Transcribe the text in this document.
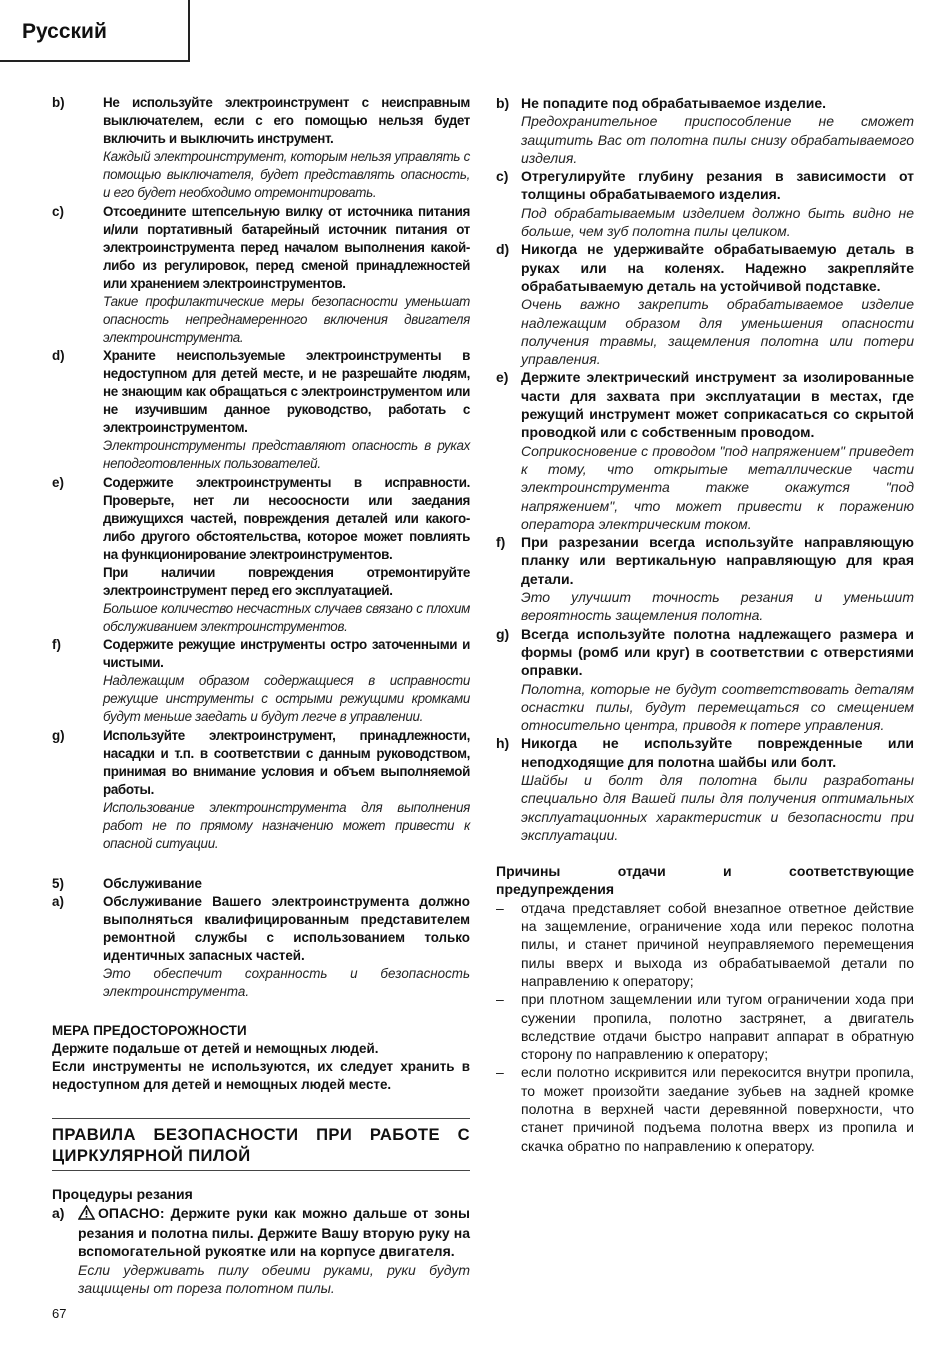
Русский
b)	Не используйте электроинструмент с неисправным выключателем, если с его помощью нельзя будет включить и выключить инструмент.

Каждый электроинструмент, которым нельзя управлять с помощью выключателя, будет представлять опасность, и его будет необходимо отремонтировать.

c)	Отсоедините штепсельную вилку от источника питания и/или портативный батарейный источник питания от электроинструмента перед началом выполнения какой-либо из регулировок, перед сменой принадлежностей или хранением электроинструментов.

Такие профилактические меры безопасности уменьшат опасность непреднамеренного включения двигателя электроинструмента.

d)	Храните неиспользуемые электроинструменты в недоступном для детей месте, и не разрешайте людям, не знающим как обращаться с электроинструментом или не изучившим данное руководство, работать с электроинструментом.

Электроинструменты представляют опасность в руках неподготовленных пользователей.

e)	Содержите электроинструменты в исправности. Проверьте, нет ли несоосности или заедания движущихся частей, повреждения деталей или какого-либо другого обстоятельства, которое может повлиять на функционирование электроинструментов.

При наличии повреждения отремонтируйте электроинструмент перед его эксплуатацией.

Большое количество несчастных случаев связано с плохим обслуживанием электроинструментов.

f)	Содержите режущие инструменты остро заточенными и чистыми.

Надлежащим образом содержащиеся в исправности режущие инструменты с острыми режущими кромками будут меньше заедать и будут легче в управлении.

g)	Используйте электроинструмент, принадлежности, насадки и т.п. в соответствии с данным руководством, принимая во внимание условия и объем выполняемой работы.

Использование электроинструмента для выполнения работ не по прямому назначению может привести к опасной ситуации.

5)	Обслуживание

a)	Обслуживание Вашего электроинструмента должно выполняться квалифицированным представителем ремонтной службы с использованием только идентичных запасных частей.

Это обеспечит сохранность и безопасность электроинструмента.

МЕРА ПРЕДОСТОРОЖНОСТИ

Держите подальше от детей и немощных людей.

Если инструменты не используются, их следует хранить в недоступном для детей и немощных людей месте.

ПРАВИЛА БЕЗОПАСНОСТИ ПРИ РАБОТЕ С ЦИРКУЛЯРНОЙ ПИЛОЙ

Процедуры резания

a)	ОПАСНО: Держите руки как можно дальше от зоны резания и полотна пилы. Держите Вашу вторую руку на вспомогательной рукоятке или на корпусе двигателя.

Если удерживать пилу обеими руками, руки будут защищены от пореза полотном пилы.

67
b) Не попадите под обрабатываемое изделие.

Предохранительное приспособление не сможет защитить Вас от полотна пилы снизу обрабатываемого изделия.

c) Отрегулируйте глубину резания в зависимости от толщины обрабатываемого изделия.

Под обрабатываемым изделием должно быть видно не больше, чем зуб полотна пилы целиком.

d) Никогда не удерживайте обрабатываемую деталь в руках или на коленях. Надежно закрепляйте обрабатываемую деталь на устойчивой подставке.

Очень важно закрепить обрабатываемое изделие надлежащим образом для уменьшения опасности получения травмы, защемления полотна или потери управления.

e) Держите электрический инструмент за изолированные части для захвата при эксплуатации в местах, где режущий инструмент может соприкасаться со скрытой проводкой или с собственным проводом.

Соприкосновение с проводом "под напряжением" приведет к тому, что открытые металлические части электроинструмента также окажутся "под напряжением", что может привести к поражению оператора электрическим током.

f)	При разрезании всегда используйте направляющую планку или вертикальную направляющую для края детали.

Это улучшит точность резания и уменьшит вероятность защемления полотна.

g) Всегда используйте полотна надлежащего размера и формы (ромб или круг) в соответствии с отверстиями оправки.

Полотна, которые не будут соответствовать деталям оснастки пилы, будут перемещаться со смещением относительно центра, приводя к потере управления.

h) Никогда не используйте поврежденные или неподходящие для полотна шайбы или болт.

Шайбы и болт для полотна были разработаны специально для Вашей пилы для получения оптимальных эксплуатационных характеристик и безопасности при эксплуатации.

Причины отдачи и соответствующие

предупреждения

–	отдача представляет собой внезапное ответное действие на защемление, ограничение хода или перекос полотна пилы, и станет причиной неуправляемого перемещения пилы вверх и выхода из обрабатываемой детали по направлению к оператору;

–	при плотном защемлении или тугом ограничении хода при сужении пропила, полотно застрянет, а двигатель вследствие отдачи быстро направит аппарат в обратную сторону по направлению к оператору;

–	если полотно искривится или перекосится внутри пропила, то может произойти заедание зубьев на задней кромке полотна в верхней части деревянной поверхности, что станет причиной подъема полотна вверх из пропила и скачка обратно по направлению к оператору.
